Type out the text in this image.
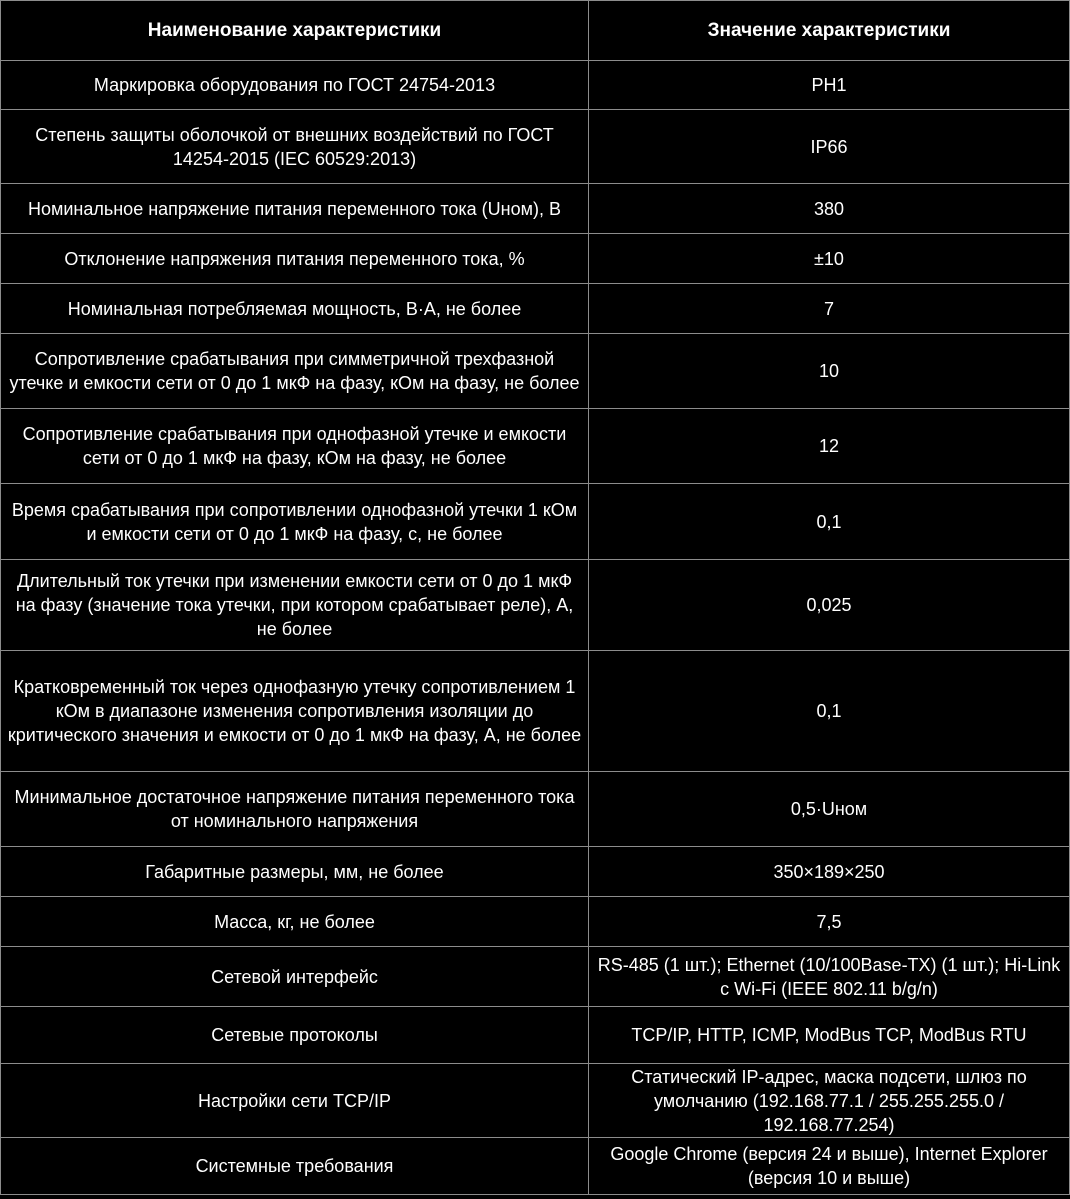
Наименование характеристики	Значение характеристики
Маркировка оборудования по ГОСТ 24754-2013	РН1
Степень защиты оболочкой от внешних воздействий по ГОСТ 14254-2015 (IEC 60529:2013)	IP66
Номинальное напряжение питания переменного тока (Uном), В	380
Отклонение напряжения питания переменного тока, %	±10
Номинальная потребляемая мощность, В·А, не более	7
Сопротивление срабатывания при симметричной трехфазной утечке и емкости сети от 0 до 1 мкФ на фазу, кОм на фазу, не более	10
Сопротивление срабатывания при однофазной утечке и емкости сети от 0 до 1 мкФ на фазу, кОм на фазу, не более	12
Время срабатывания при сопротивлении однофазной утечки 1 кОм и емкости сети от 0 до 1 мкФ на фазу, с, не более	0,1
Длительный ток утечки при изменении емкости сети от 0 до 1 мкФ на фазу (значение тока утечки, при котором срабатывает реле), А, не более	0,025
Кратковременный ток через однофазную утечку сопротивлением 1 кОм в диапазоне изменения сопротивления изоляции до критического значения и емкости от 0 до 1 мкФ на фазу, А, не более	0,1
Минимальное достаточное напряжение питания переменного тока от номинального напряжения	0,5·Uном
Габаритные размеры, мм, не более	350×189×250
Масса, кг, не более	7,5
Сетевой интерфейс	RS-485 (1 шт.); Ethernet (10/100Base-TX) (1 шт.); Hi-Link с Wi-Fi (IEEE 802.11 b/g/n)
Сетевые протоколы	TCP/IP, HTTP, ICMP, ModBus TCP, ModBus RTU
Настройки сети TCP/IP	Статический IP-адрес, маска подсети, шлюз по умолчанию (192.168.77.1 / 255.255.255.0 / 192.168.77.254)
Системные требования	Google Chrome (версия 24 и выше), Internet Explorer (версия 10 и выше)
